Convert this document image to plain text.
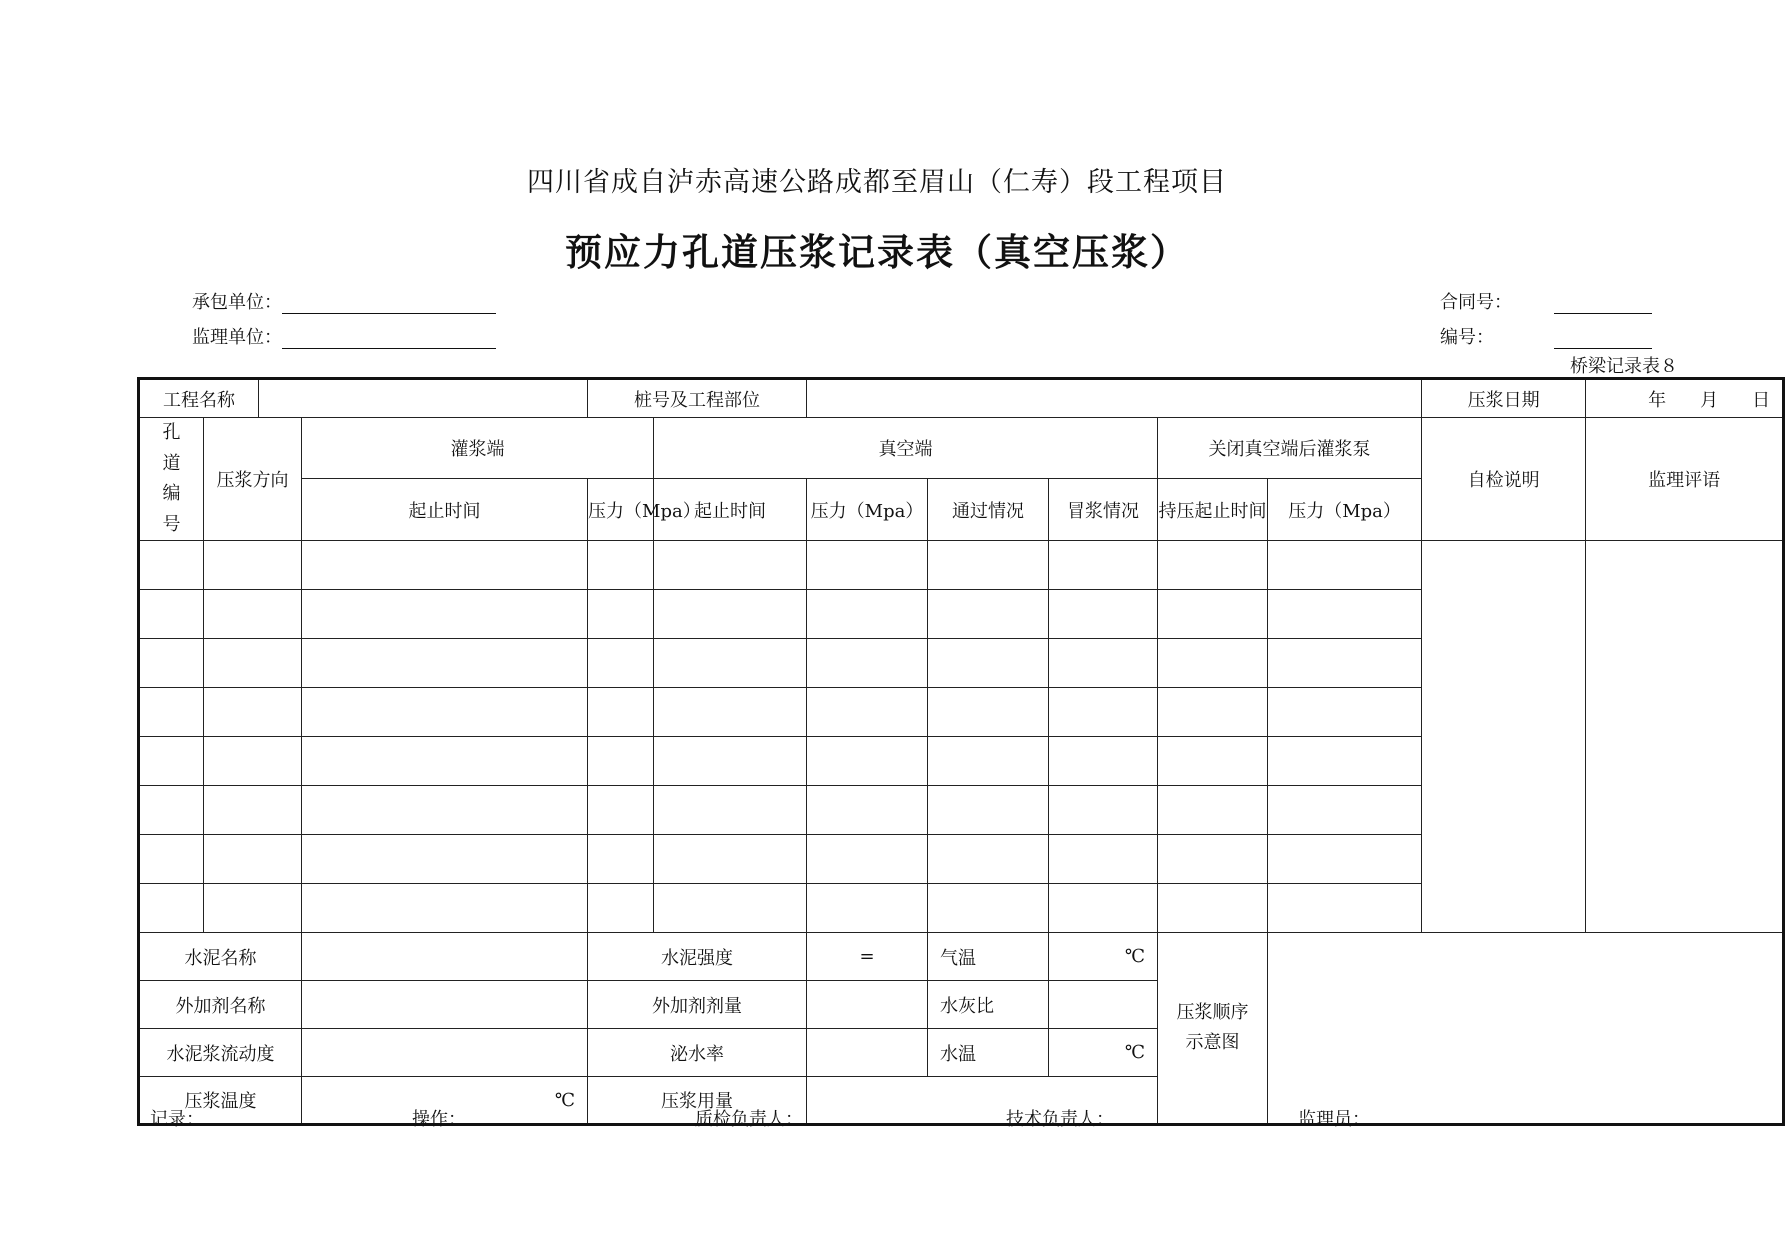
四川省成自泸赤高速公路成都至眉山（仁寿）段工程项目
预应力孔道压浆记录表（真空压浆）
承包单位：
监理单位：
合同号：
编号：
桥梁记录表８
工程名称				桩号及工程部位							压浆日期	年 月 日
孔道编号	压浆方向		灌浆端		真空端				关闭真空端后灌浆泵		自检说明	监理评语
			起止时间	压力（Mpa）	起止时间	压力（Mpa）	通过情况	冒浆情况	持压起止时间	压力（Mpa）		

水泥名称				水泥强度		=	气温	℃	压浆顺序示意图			
外加剂名称				外加剂剂量			水灰比					
水泥浆流动度				泌水率			水温	℃				
压浆温度			℃	压浆用量								
记录：	操作：	质检负责人：	技术负责人：	监理员：
